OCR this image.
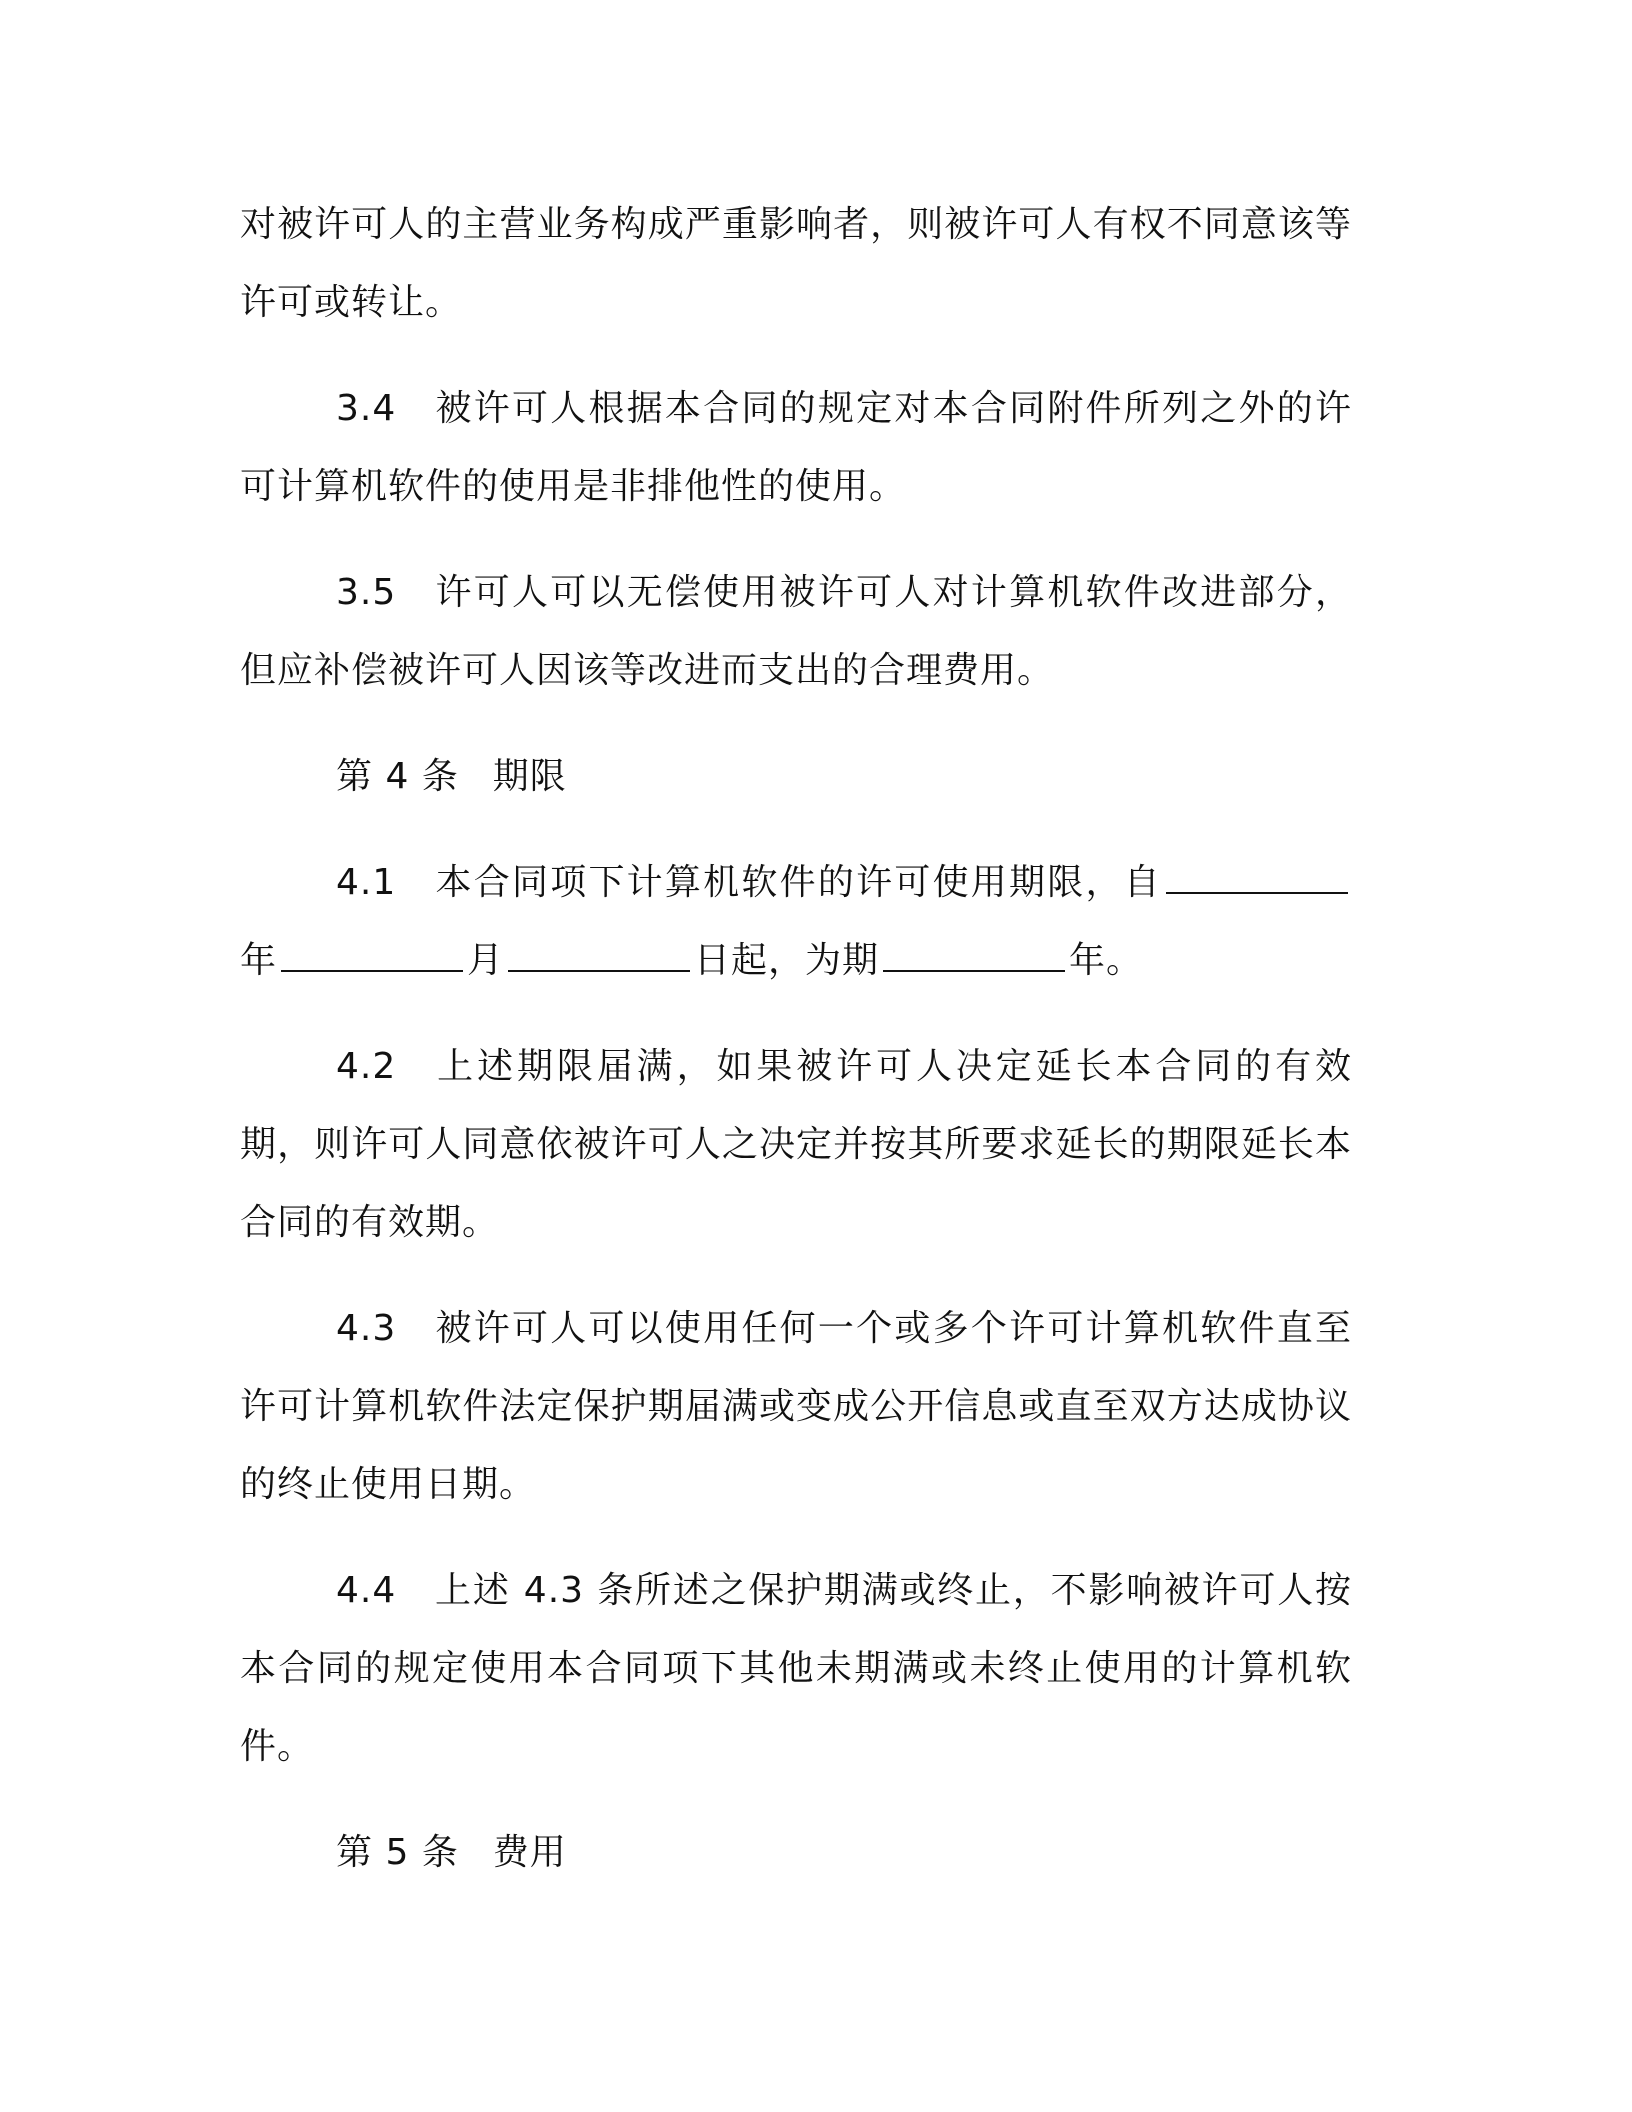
对被许可人的主营业务构成严重影响者，则被许可人有权不同意该等许可或转让。

3.4 被许可人根据本合同的规定对本合同附件所列之外的许可计算机软件的使用是非排他性的使用。

3.5 许可人可以无偿使用被许可人对计算机软件改进部分，但应补偿被许可人因该等改进而支出的合理费用。

第 4 条 期限

4.1 本合同项下计算机软件的许可使用期限，自年	月	日起，为期	年。

4.2 上述期限届满，如果被许可人决定延长本合同的有效期，则许可人同意依被许可人之决定并按其所要求延长的期限延长本合同的有效期。

4.3 被许可人可以使用任何一个或多个许可计算机软件直至许可计算机软件法定保护期届满或变成公开信息或直至双方达成协议的终止使用日期。

4.4 上述 4.3 条所述之保护期满或终止，不影响被许可人按本合同的规定使用本合同项下其他未期满或未终止使用的计算机软件。

第 5 条 费用
